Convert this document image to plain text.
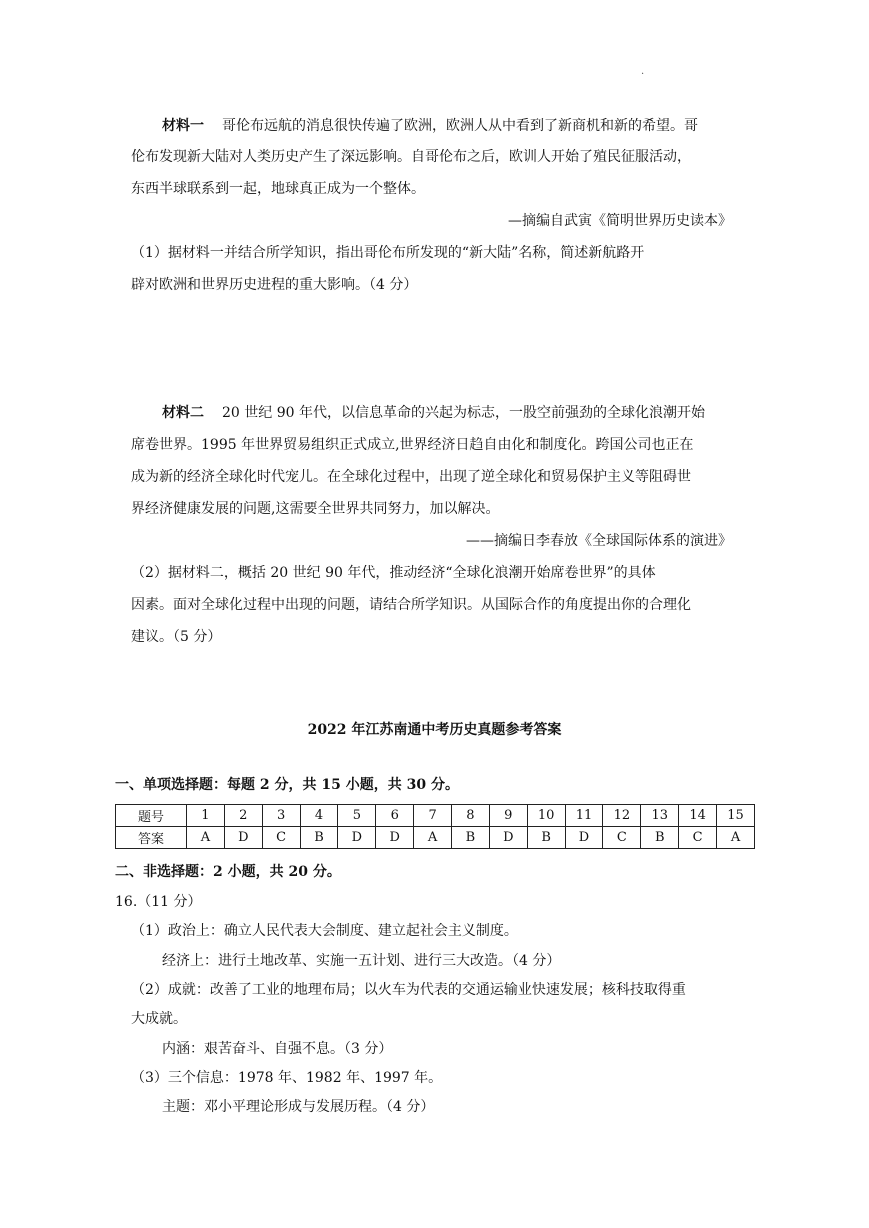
.
材料一 哥伦布远航的消息很快传遍了欧洲，欧洲人从中看到了新商机和新的希望。哥
伦布发现新大陆对人类历史产生了深远影响。自哥伦布之后，欧训人开始了殖民征服活动，
东西半球联系到一起，地球真正成为一个整体。
—摘编自武寅《简明世界历史读本》
（1）据材料一并结合所学知识，指出哥伦布所发现的“新大陆”名称，简述新航路开
辟对欧洲和世界历史进程的重大影响。（4 分）
材料二 20 世纪 90 年代，以信息革命的兴起为标志，一股空前强劲的全球化浪潮开始
席卷世界。1995 年世界贸易组织正式成立,世界经济日趋自由化和制度化。跨国公司也正在
成为新的经济全球化时代宠儿。在全球化过程中，出现了逆全球化和贸易保护主义等阻碍世
界经济健康发展的问题,这需要全世界共同努力，加以解决。
——摘编日李春放《全球国际体系的演进》
（2）据材料二，概括 20 世纪 90 年代，推动经济“全球化浪潮开始席卷世界”的具体
因素。面对全球化过程中出现的问题，请结合所学知识。从国际合作的角度提出你的合理化
建议。（5 分）
2022 年江苏南通中考历史真题参考答案
一、单项选择题：每题 2 分，共 15 小题，共 30 分。
题号	1	2	3	4	5	6	7	8	9	10	11	12	13	14	15
答案	A	D	C	B	D	D	A	B	D	B	D	C	B	C	A
二、非选择题：2 小题，共 20 分。
16.（11 分）
（1）政治上：确立人民代表大会制度、建立起社会主义制度。
经济上：进行土地改革、实施一五计划、进行三大改造。（4 分）
（2）成就：改善了工业的地理布局；以火车为代表的交通运输业快速发展；核科技取得重
大成就。
内涵：艰苦奋斗、自强不息。（3 分）
（3）三个信息：1978 年、1982 年、1997 年。
主题：邓小平理论形成与发展历程。（4 分）
